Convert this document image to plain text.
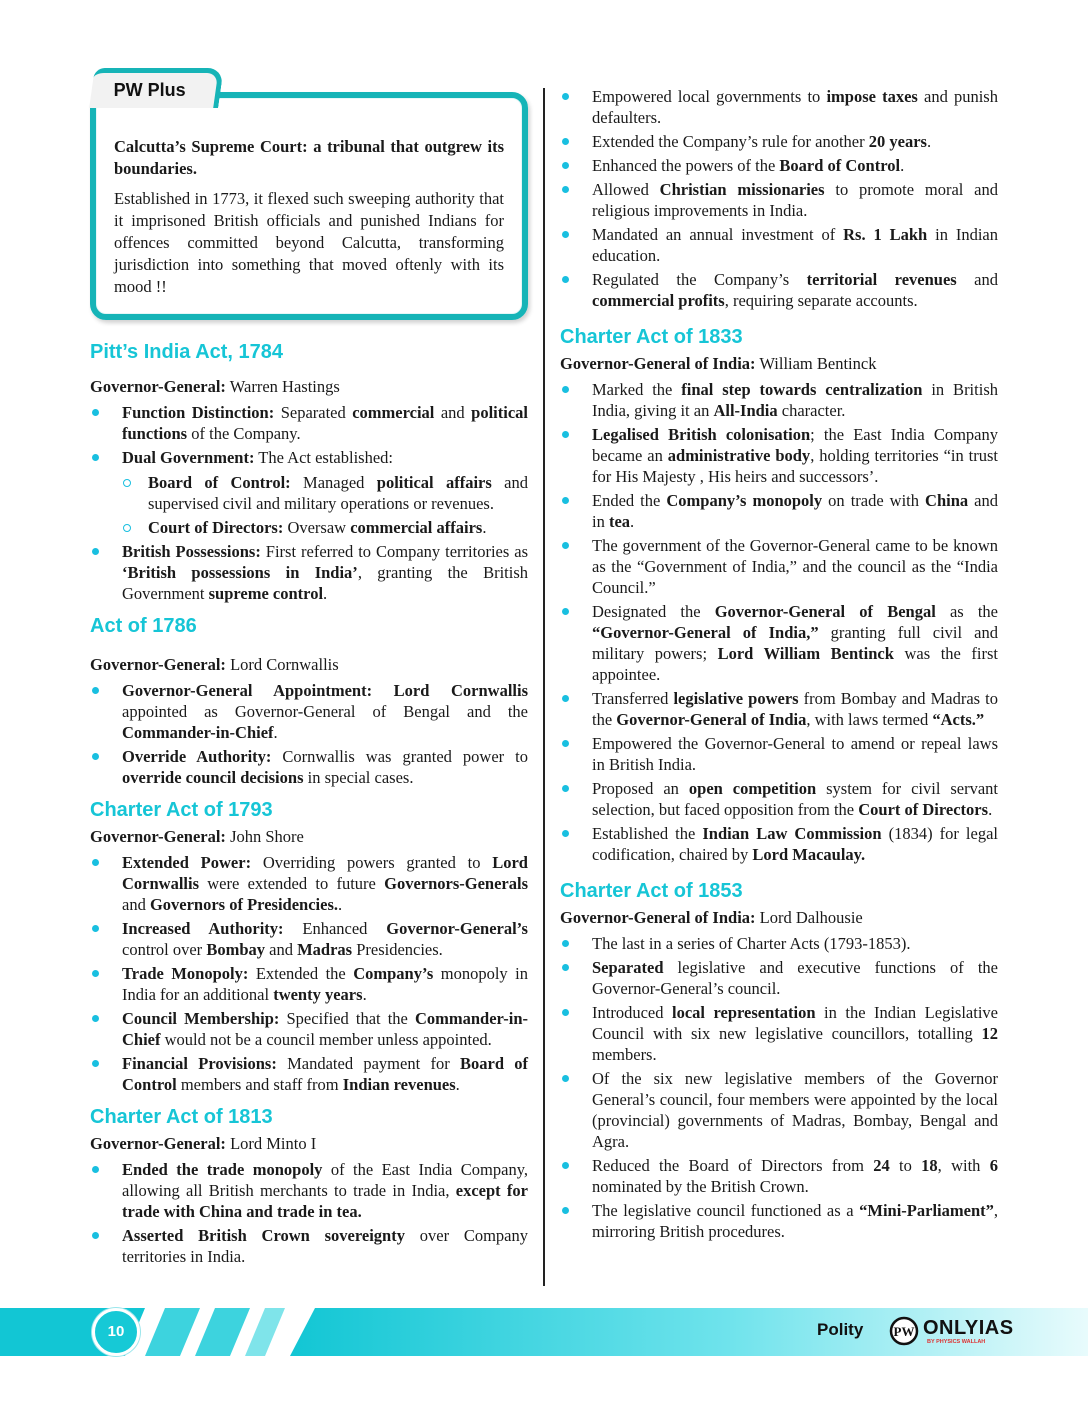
PW Plus

Calcutta’s Supreme Court: a tribunal that outgrew its boundaries.

Established in 1773, it flexed such sweeping authority that it imprisoned British officials and punished Indians for offences committed beyond Calcutta, transforming jurisdiction into something that moved oftenly with its mood !!

Pitt’s India Act, 1784

Governor-General: Warren Hastings

Function Distinction: Separated commercial and political functions of the Company.
Dual Government: The Act established:
Board of Control: Managed political affairs and supervised civil and military operations or revenues.
Court of Directors: Oversaw commercial affairs.
British Possessions: First referred to Company territories as ‘British possessions in India’, granting the British Government supreme control.
Act of 1786

Governor-General: Lord Cornwallis

Governor-General Appointment: Lord Cornwallis appointed as Governor-General of Bengal and the Commander-in-Chief.
Override Authority: Cornwallis was granted power to override council decisions in special cases.
Charter Act of 1793

Governor-General: John Shore

Extended Power: Overriding powers granted to Lord Cornwallis were extended to future Governors-Generals and Governors of Presidencies..
Increased Authority: Enhanced Governor-General’s control over Bombay and Madras Presidencies.
Trade Monopoly: Extended the Company’s monopoly in India for an additional twenty years.
Council Membership: Specified that the Commander-in-Chief would not be a council member unless appointed.
Financial Provisions: Mandated payment for Board of Control members and staff from Indian revenues.
Charter Act of 1813

Governor-General: Lord Minto I

Ended the trade monopoly of the East India Company, allowing all British merchants to trade in India, except for trade with China and trade in tea.
Asserted British Crown sovereignty over Company territories in India.
Empowered local governments to impose taxes and punish defaulters.
Extended the Company’s rule for another 20 years.
Enhanced the powers of the Board of Control.
Allowed Christian missionaries to promote moral and religious improvements in India.
Mandated an annual investment of Rs. 1 Lakh in Indian education.
Regulated the Company’s territorial revenues and commercial profits, requiring separate accounts.
Charter Act of 1833

Governor-General of India: William Bentinck

Marked the final step towards centralization in British India, giving it an All-India character.
Legalised British colonisation; the East India Company became an administrative body, holding territories “in trust for His Majesty , His heirs and successors’.
Ended the Company’s monopoly on trade with China and in tea.
The government of the Governor-General came to be known as the “Government of India,” and the council as the “India Council.”
Designated the Governor-General of Bengal as the “Governor-General of India,” granting full civil and military powers; Lord William Bentinck was the first appointee.
Transferred legislative powers from Bombay and Madras to the Governor-General of India, with laws termed “Acts.”
Empowered the Governor-General to amend or repeal laws in British India.
Proposed an open competition system for civil servant selection, but faced opposition from the Court of Directors.
Established the Indian Law Commission (1834) for legal codification, chaired by Lord Macaulay.
Charter Act of 1853

Governor-General of India: Lord Dalhousie

The last in a series of Charter Acts (1793-1853).
Separated legislative and executive functions of the Governor-General’s council.
Introduced local representation in the Indian Legislative Council with six new legislative councillors, totalling 12 members.
Of the six new legislative members of the Governor General’s council, four members were appointed by the local (provincial) governments of Madras, Bombay, Bengal and Agra.
Reduced the Board of Directors from 24 to 18, with 6 nominated by the British Crown.
The legislative council functioned as a “Mini-Parliament”, mirroring British procedures.
10	Polity PW ONLYIAS
BY PHYSICS WALLAH
